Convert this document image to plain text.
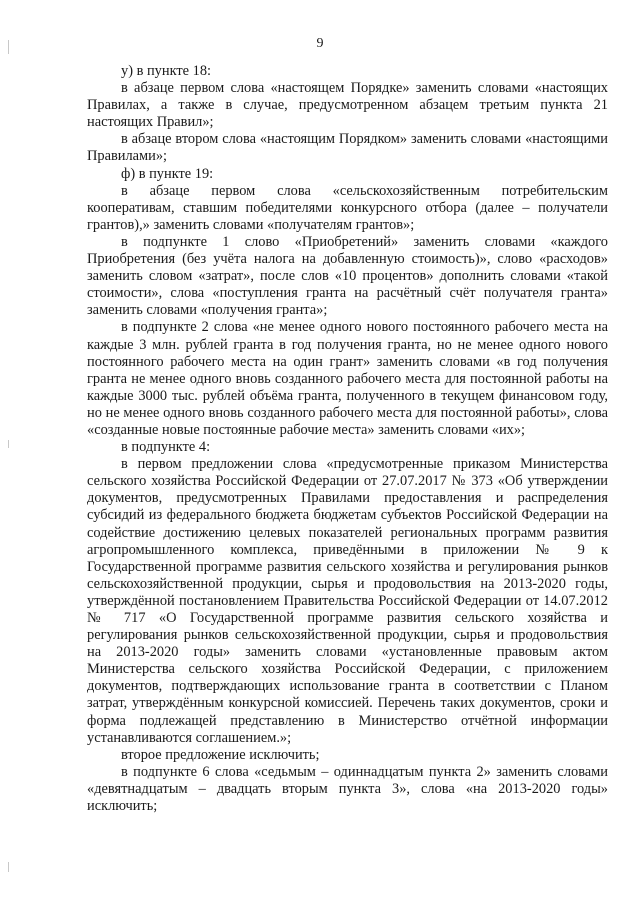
9

у) в пункте 18:

в абзаце первом слова «настоящем Порядке» заменить словами «настоящих Правилах, а также в случае, предусмотренном абзацем третьим пункта 21 настоящих Правил»;

в абзаце втором слова «настоящим Порядком» заменить словами «настоящими Правилами»;

ф) в пункте 19:

в абзаце первом слова «сельскохозяйственным потребительским кооперативам, ставшим победителями конкурсного отбора (далее – получатели грантов),» заменить словами «получателям грантов»;

в подпункте 1 слово «Приобретений» заменить словами «каждого Приобретения (без учёта налога на добавленную стоимость)», слово «расходов» заменить словом «затрат», после слов «10 процентов» дополнить словами «такой стоимости», слова «поступления гранта на расчётный счёт получателя гранта» заменить словами «получения гранта»;

в подпункте 2 слова «не менее одного нового постоянного рабочего места на каждые 3 млн. рублей гранта в год получения гранта, но не менее одного нового постоянного рабочего места на один грант» заменить словами «в год получения гранта не менее одного вновь созданного рабочего места для постоянной работы на каждые 3000 тыс. рублей объёма гранта, полученного в текущем финансовом году, но не менее одного вновь созданного рабочего места для постоянной работы», слова «созданные новые постоянные рабочие места» заменить словами «их»;

в подпункте 4:

в первом предложении слова «предусмотренные приказом Министерства сельского хозяйства Российской Федерации от 27.07.2017 № 373 «Об утверждении документов, предусмотренных Правилами предоставления и распределения субсидий из федерального бюджета бюджетам субъектов Российской Федерации на содействие достижению целевых показателей региональных программ развития агропромышленного комплекса, приведёнными в приложении № 9 к Государственной программе развития сельского хозяйства и регулирования рынков сельскохозяйственной продукции, сырья и продовольствия на 2013-2020 годы, утверждённой постановлением Правительства Российской Федерации от 14.07.2012 № 717 «О Государственной программе развития сельского хозяйства и регулирования рынков сельскохозяйственной продукции, сырья и продовольствия на 2013-2020 годы» заменить словами «установленные правовым актом Министерства сельского хозяйства Российской Федерации, с приложением документов, подтверждающих использование гранта в соответствии с Планом затрат, утверждённым конкурсной комиссией. Перечень таких документов, сроки и форма подлежащей представлению в Министерство отчётной информации устанавливаются соглашением.»;

второе предложение исключить;

в подпункте 6 слова «седьмым – одиннадцатым пункта 2» заменить словами «девятнадцатым – двадцать вторым пункта 3», слова «на 2013-2020 годы» исключить;
